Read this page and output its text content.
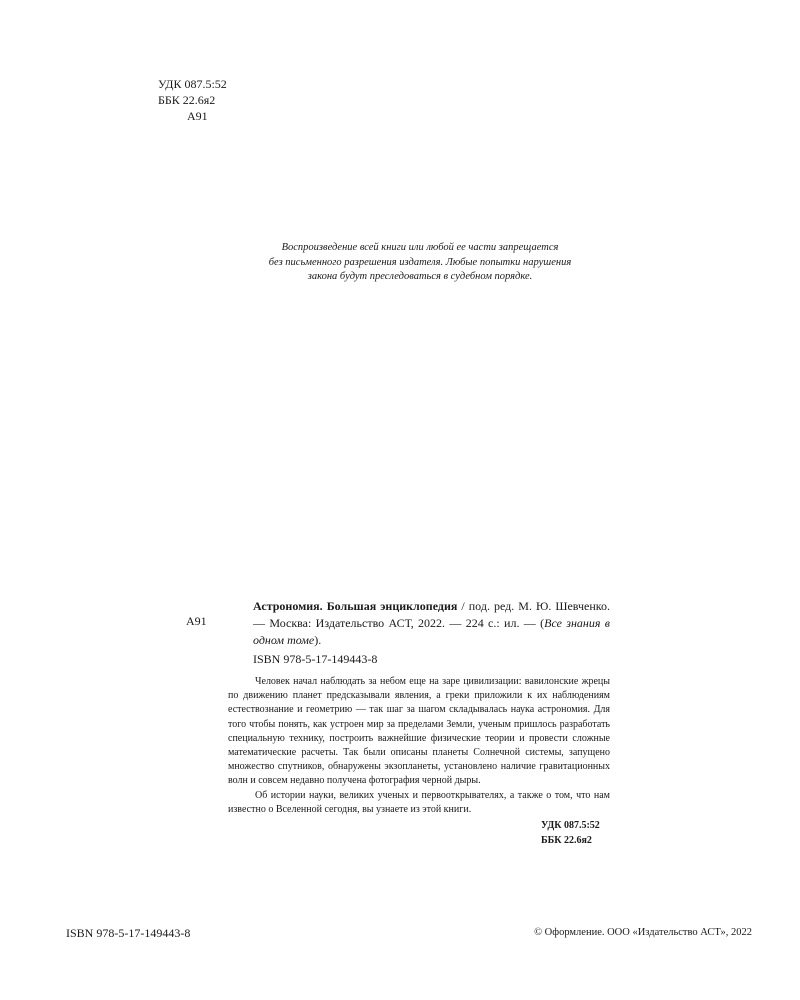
УДК 087.5:52
ББК 22.6я2
А91
Воспроизведение всей книги или любой ее части запрещается
без письменного разрешения издателя. Любые попытки нарушения
закона будут преследоваться в судебном порядке.
А91
Астрономия. Большая энциклопедия / под. ред. М. Ю. Шевченко. — Москва: Издательство АСТ, 2022. — 224 с.: ил. — (Все знания в одном томе).
ISBN 978-5-17-149443-8

Человек начал наблюдать за небом еще на заре цивилизации: вавилонские жрецы по движению планет предсказывали явления, а греки приложили к их наблюдениям естествознание и геометрию — так шаг за шагом складывалась наука астрономия. Для того чтобы понять, как устроен мир за пределами Земли, ученым пришлось разработать специальную технику, построить важнейшие физические теории и провести сложные математические расчеты. Так были описаны планеты Солнечной системы, запущено множество спутников, обнаружены экзопланеты, установлено наличие гравитационных волн и совсем недавно получена фотография черной дыры.

Об истории науки, великих ученых и первооткрывателях, а также о том, что нам известно о Вселенной сегодня, вы узнаете из этой книги.

УДК 087.5:52
ББК 22.6я2
ISBN 978-5-17-149443-8	© Оформление. ООО «Издательство АСТ», 2022
